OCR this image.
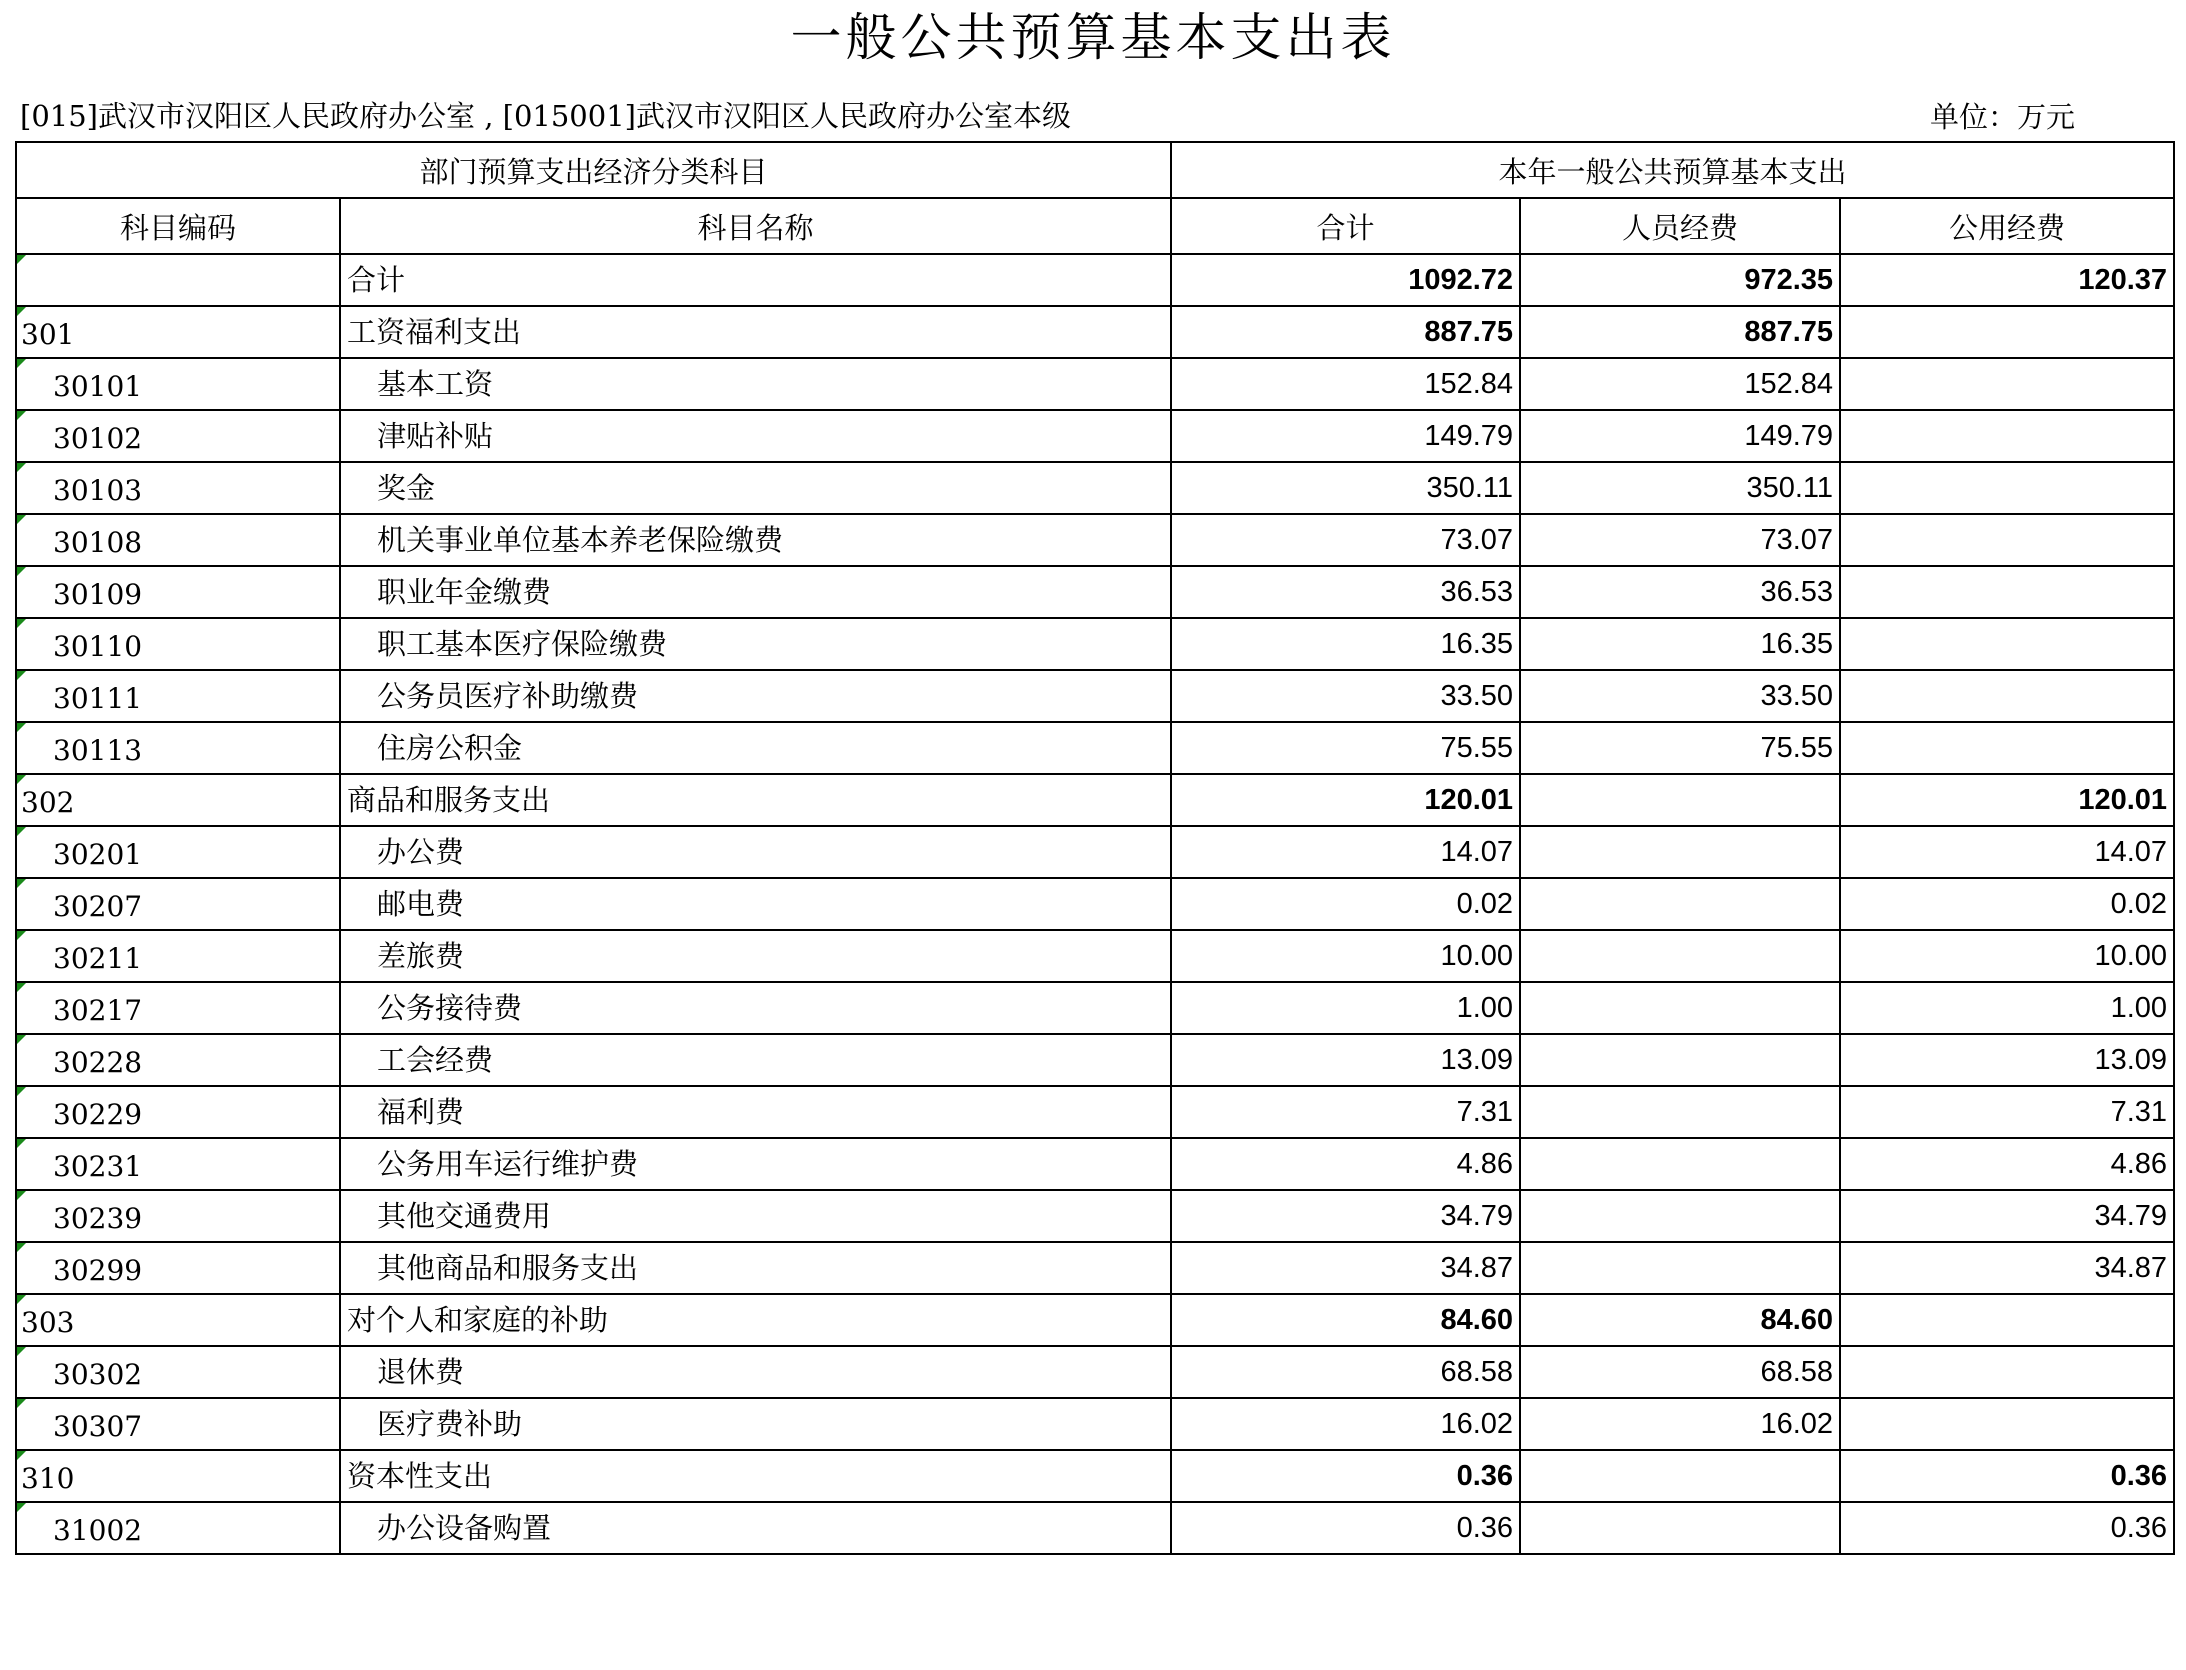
一般公共预算基本支出表
[015]武汉市汉阳区人民政府办公室 , [015001]武汉市汉阳区人民政府办公室本级	单位：万元
部门预算支出经济分类科目		本年一般公共预算基本支出		
科目编码	科目名称	合计	人员经费	公用经费
	合计	1092.72	972.35	120.37
301	工资福利支出	887.75	887.75	
30101	基本工资	152.84	152.84	
30102	津贴补贴	149.79	149.79	
30103	奖金	350.11	350.11	
30108	机关事业单位基本养老保险缴费	73.07	73.07	
30109	职业年金缴费	36.53	36.53	
30110	职工基本医疗保险缴费	16.35	16.35	
30111	公务员医疗补助缴费	33.50	33.50	
30113	住房公积金	75.55	75.55	
302	商品和服务支出	120.01		120.01
30201	办公费	14.07		14.07
30207	邮电费	0.02		0.02
30211	差旅费	10.00		10.00
30217	公务接待费	1.00		1.00
30228	工会经费	13.09		13.09
30229	福利费	7.31		7.31
30231	公务用车运行维护费	4.86		4.86
30239	其他交通费用	34.79		34.79
30299	其他商品和服务支出	34.87		34.87
303	对个人和家庭的补助	84.60	84.60	
30302	退休费	68.58	68.58	
30307	医疗费补助	16.02	16.02	
310	资本性支出	0.36		0.36
31002	办公设备购置	0.36		0.36
